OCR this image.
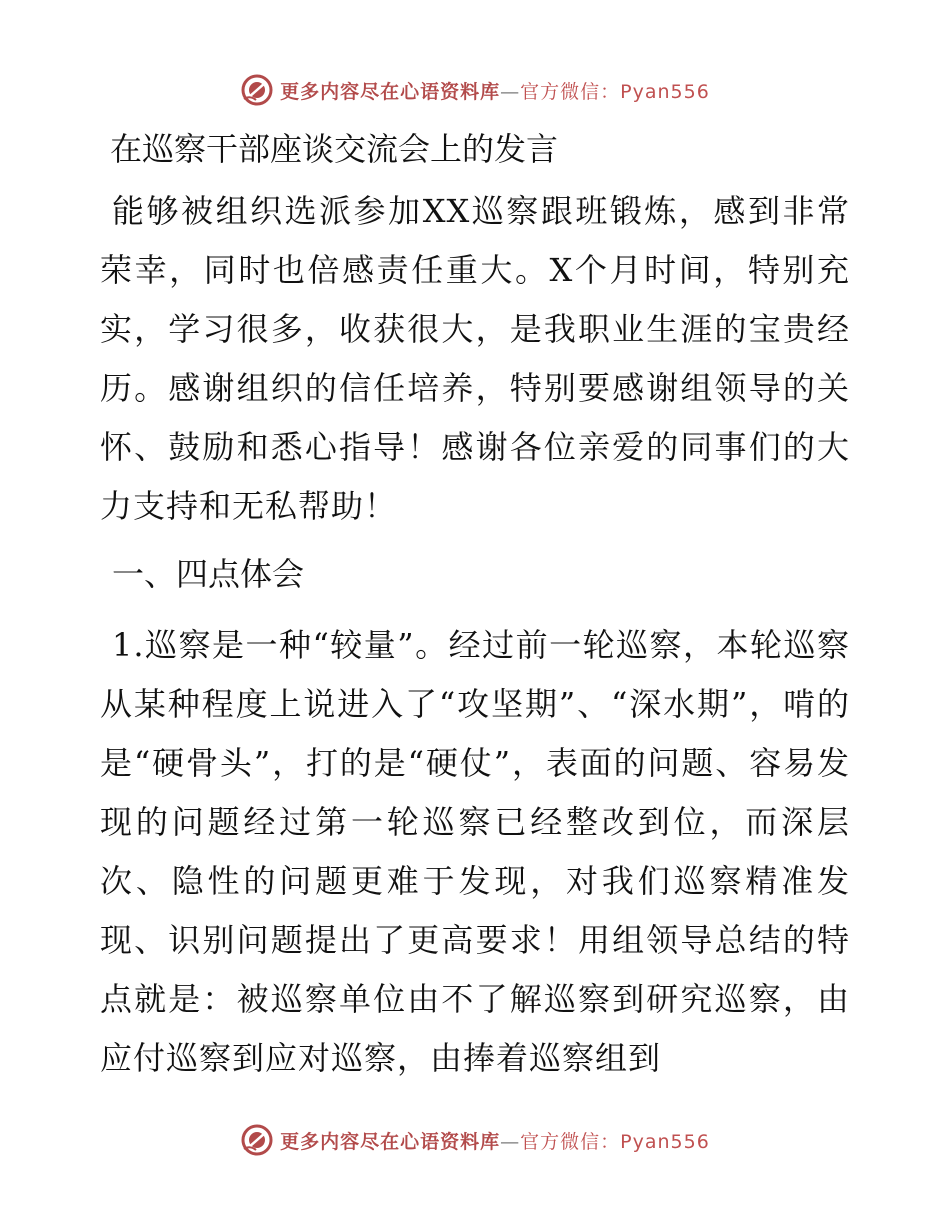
更多内容尽在心语资料库—官方微信：Pyan556
在巡察干部座谈交流会上的发言

能够被组织选派参加XX巡察跟班锻炼，感到非常荣幸，同时也倍感责任重大。X个月时间，特别充实，学习很多，收获很大，是我职业生涯的宝贵经历。感谢组织的信任培养，特别要感谢组领导的关怀、鼓励和悉心指导！感谢各位亲爱的同事们的大力支持和无私帮助！

一、四点体会

1.巡察是一种“较量”。经过前一轮巡察，本轮巡察从某种程度上说进入了“攻坚期”、“深水期”，啃的是“硬骨头”，打的是“硬仗”，表面的问题、容易发现的问题经过第一轮巡察已经整改到位，而深层次、隐性的问题更难于发现，对我们巡察精准发现、识别问题提出了更高要求！用组领导总结的特点就是：被巡察单位由不了解巡察到研究巡察，由应付巡察到应对巡察，由捧着巡察组到

更多内容尽在心语资料库—官方微信：Pyan556
